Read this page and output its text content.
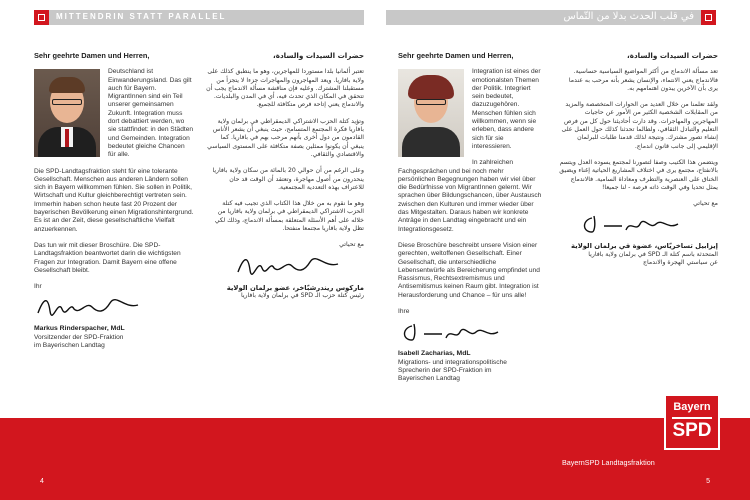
MITTENDRIN STATT PARALLEL	في قلب الحدث بدلا من التّماس
Sehr geehrte Damen und Herren,

Deutschland ist Einwanderungsland. Das gilt auch für Bayern. MigrantInnen sind ein Teil unserer gemeinsamen Zukunft. Integration muss dort debattiert werden, wo sie stattfindet: in den Städten und Gemeinden. Integration bedeutet gleiche Chancen für alle.

Die SPD-Landtagsfraktion steht für eine tolerante Gesellschaft. Menschen aus anderen Ländern sollen sich in Bayern willkommen fühlen. Sie sollen in Politik, Wirtschaft und Kultur gleichberechtigt vertreten sein. Immerhin haben schon heute fast 20 Prozent der bayerischen Bevölkerung einen Migrationshintergrund. Es ist an der Zeit, diese gesellschaftliche Vielfalt anzuerkennen.

Das tun wir mit dieser Broschüre. Die SPD-Landtagsfraktion beantwortet darin die wichtigsten Fragen zur Integration. Damit Bayern eine offene Gesellschaft bleibt.

Ihr
Markus Rinderspacher, MdL
Vorsitzender der SPD-Fraktion
im Bayerischen Landtag
حضرات السيدات والسادة،

تعتبر ألمانيا بلدا مستوردا للمهاجرين، وهو ما ينطبق كذلك على ولاية بافاريا. ويعد المهاجرون والمهاجرات جزءا لا يتجزأ من مستقبلنا المشترك. وعليه فإن مناقشة مسألة الاندماج يجب أن تتحقق في المكان الذي تحدث فيه، أي في المدن والبلديات. والاندماج يعني إتاحة فرص متكافئة للجميع.

وتؤيد كتلة الحزب الاشتراكي الديمقراطي في برلمان ولاية بافاريا فكرة المجتمع المتسامح، حيث ينبغي أن يشعر الأناس القادمون من دول أخرى بأنهم مرحب بهم في بافاريا. كما ينبغي أن يكونوا ممثلين بصفة متكافئة على المستوى السياسي والاقتصادي والثقافي.

وعلى الرغم من أن حوالي 20 بالمائة من سكان ولاية بافاريا ينحدرون من أصول مهاجرة، وتعتقد أن الوقت قد حان للاعتراف بهذه التعددية المجتمعية.

وهو ما نقوم به من خلال هذا الكتاب الذي تجيب فيه كتلة الحزب الاشتراكي الديمقراطي في برلمان ولاية بافاريا من خلاله على أهم الأسئلة المتعلقة بمسألة الاندماج، وذلك لكي تظل ولاية بافاريا مجتمعا منفتحا.

مع تحياتي
ماركوس ريندرشبّاخر، عضو برلمان الولاية
رئيس كتلة حزب الـ SPD في برلمان ولاية بافاريا
Sehr geehrte Damen und Herren,

Integration ist eines der emotionalsten Themen der Politik. Integriert sein bedeutet, dazuzugehören. Menschen fühlen sich willkommen, wenn sie erleben, dass andere sich für sie interessieren.

In zahlreichen Fachgesprächen und bei noch mehr persönlichen Begegnungen haben wir viel über die Bedürfnisse von MigrantInnen gelernt. Wir sprachen über Bildungschancen, über Austausch zwischen den Kulturen und immer wieder über das Mitgestalten. Daraus haben wir konkrete Anträge in den Landtag eingebracht und ein Integrationsgesetz.

Diese Broschüre beschreibt unsere Vision einer gerechten, weltoffenen Gesellschaft. Einer Gesellschaft, die unterschiedliche Lebensentwürfe als Bereicherung empfindet und Rassismus, Rechtsextremismus und Antisemitismus keinen Raum gibt. Integration ist Herausforderung und Chance – für uns alle!

Ihre
Isabell Zacharias, MdL
Migrations- und integrationspolitische
Sprecherin der SPD-Fraktion im
Bayerischen Landtag
حضرات السيدات والسادة،

تعد مسألة الاندماج من أكثر المواضيع السياسية حساسية. فالاندماج يعني الانتماء، والإنسان يشعر بأنه مرحب به عندما يرى بأن الآخرين يبدون اهتمامهم به.

ولقد تعلمنا من خلال العديد من الحوارات المتخصصة والمزيد من المقابلات الشخصية الكثير من الأمور عن حاجيات المهاجرين والمهاجرات. وقد دارت أحاديثنا حول كل من فرص التعليم والتبادل الثقافي، ولطالما تحدثنا كذلك حول العمل على إنشاء تصور مشترك. ونتيجة لذلك قدمنا طلبات للبرلمان الإقليمي إلى جانب قانون اندماج.

ويتضمن هذا الكتيب وصفا لتصورنا لمجتمع يسوده العدل ويتسم بالانفتاح، مجتمع يرى في اختلاف المشاريع الحياتية إغناء ويضيق الخناق على العنصرية والتطرف ومعاداة السامية. فالاندماج يمثل تحديا وفي الوقت ذاته فرصة - لنا جميعا!

مع تحياتي
إيزابيل تساخريّاس، عضوة في برلمان الولاية
المتحدثة باسم كتلة الـ SPD في برلمان ولاية بافاريا
عن سياستي الهجرة والاندماج
4
BayernSPD Landtagsfraktion
5
Bayern
SPD
